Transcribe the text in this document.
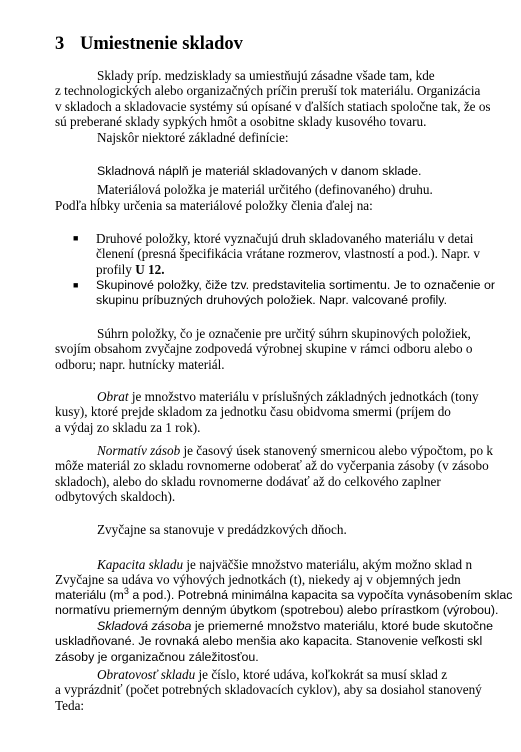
3 Umiestnenie skladov
Sklady príp. medzisklady sa umiestňujú zásadne všade tam, kde
z technologických alebo organizačných príčin preruší tok materiálu. Organizácia
v skladoch a skladovacie systémy sú opísané v ďalších statiach spoločne tak, že os
sú preberané sklady sypkých hmôt a osobitne sklady kusového tovaru.
Najskôr niektoré základné definície:
Skladnová náplň je materiál skladovaných v danom sklade.
Materiálová položka je materiál určitého (definovaného) druhu.
Podľa hĺbky určenia sa materiálové položky členia ďalej na:
■ Druhové položky, ktoré vyznačujú druh skladovaného materiálu v detai
členení (presná špecifikácia vrátane rozmerov, vlastností a pod.). Napr. v
profily U 12.
■ Skupinové položky, čiže tzv. predstavitelia sortimentu. Je to označenie or
skupinu príbuzných druhových položiek. Napr. valcované profily.
Súhrn položky, čo je označenie pre určitý súhrn skupinových položiek,
svojím obsahom zvyčajne zodpovedá výrobnej skupine v rámci odboru alebo o
odboru; napr. hutnícky materiál.
Obrat je množstvo materiálu v príslušných základných jednotkách (tony
kusy), ktoré prejde skladom za jednotku času obidvoma smermi (príjem do
a výdaj zo skladu za 1 rok).
Normatív zásob je časový úsek stanovený smernicou alebo výpočtom, po k
môže materiál zo skladu rovnomerne odoberať až do vyčerpania zásoby (v zásobo
skladoch), alebo do skladu rovnomerne dodávať až do celkového zaplner
odbytových skaldoch).
Zvyčajne sa stanovuje v predádzkových dňoch.
Kapacita skladu je najväčšie množstvo materiálu, akým možno sklad n
Zvyčajne sa udáva vo výhových jednotkách (t), niekedy aj v objemných jedn
materiálu ($m^3$ a pod.). Potrebná minimálna kapacita sa vypočíta vynásobením sklac
normatívu priemerným denným úbytkom (spotrebou) alebo prírastkom (výrobou).
Skladová zásoba je priemerné množstvo materiálu, ktoré bude skutočne
uskladňované. Je rovnaká alebo menšia ako kapacita. Stanovenie veľkosti skl
zásoby je organizačnou záležitosťou.
Obratovosť skladu je číslo, ktoré udáva, koľkokrát sa musí sklad z
a vyprázdniť (počet potrebných skladovacích cyklov), aby sa dosiahol stanovený
Teda:
